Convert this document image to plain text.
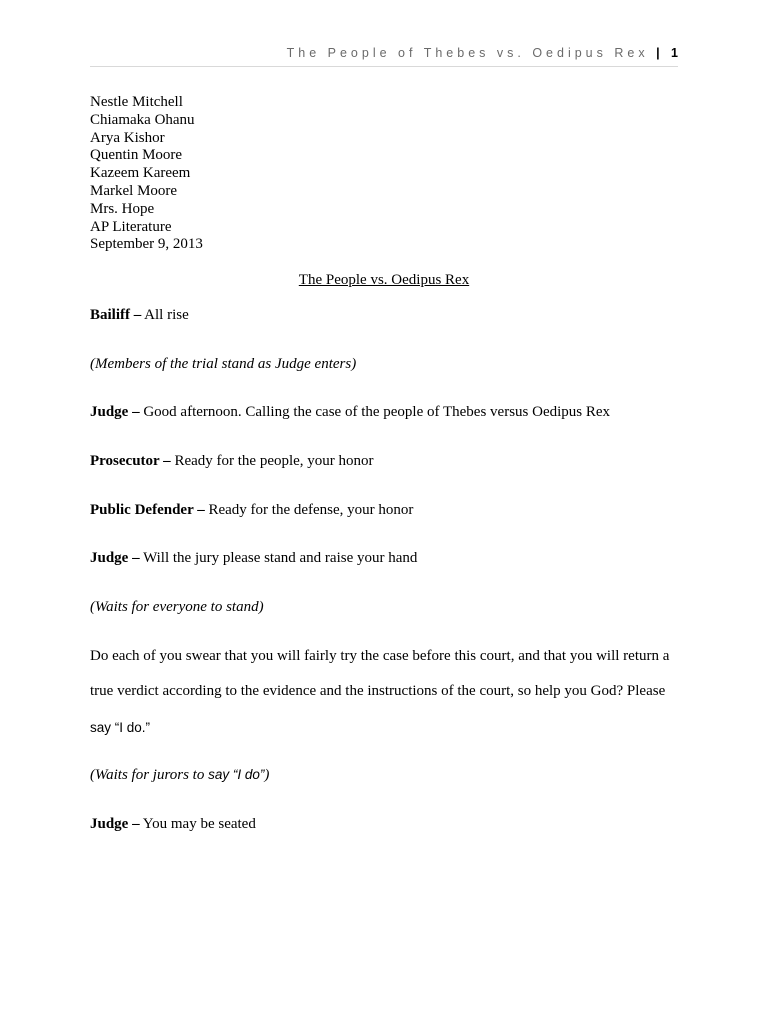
The People of Thebes vs. Oedipus Rex | 1
Nestle Mitchell
Chiamaka Ohanu
Arya Kishor
Quentin Moore
Kazeem Kareem
Markel Moore
Mrs. Hope
AP Literature
September 9, 2013
The People vs. Oedipus Rex
Bailiff – All rise
(Members of the trial stand as Judge enters)
Judge – Good afternoon. Calling the case of the people of Thebes versus Oedipus Rex
Prosecutor – Ready for the people, your honor
Public Defender – Ready for the defense, your honor
Judge – Will the jury please stand and raise your hand
(Waits for everyone to stand)
Do each of you swear that you will fairly try the case before this court, and that you will return a
true verdict according to the evidence and the instructions of the court, so help you God? Please
say “I do.”
(Waits for jurors to say “I do”)
Judge – You may be seated
